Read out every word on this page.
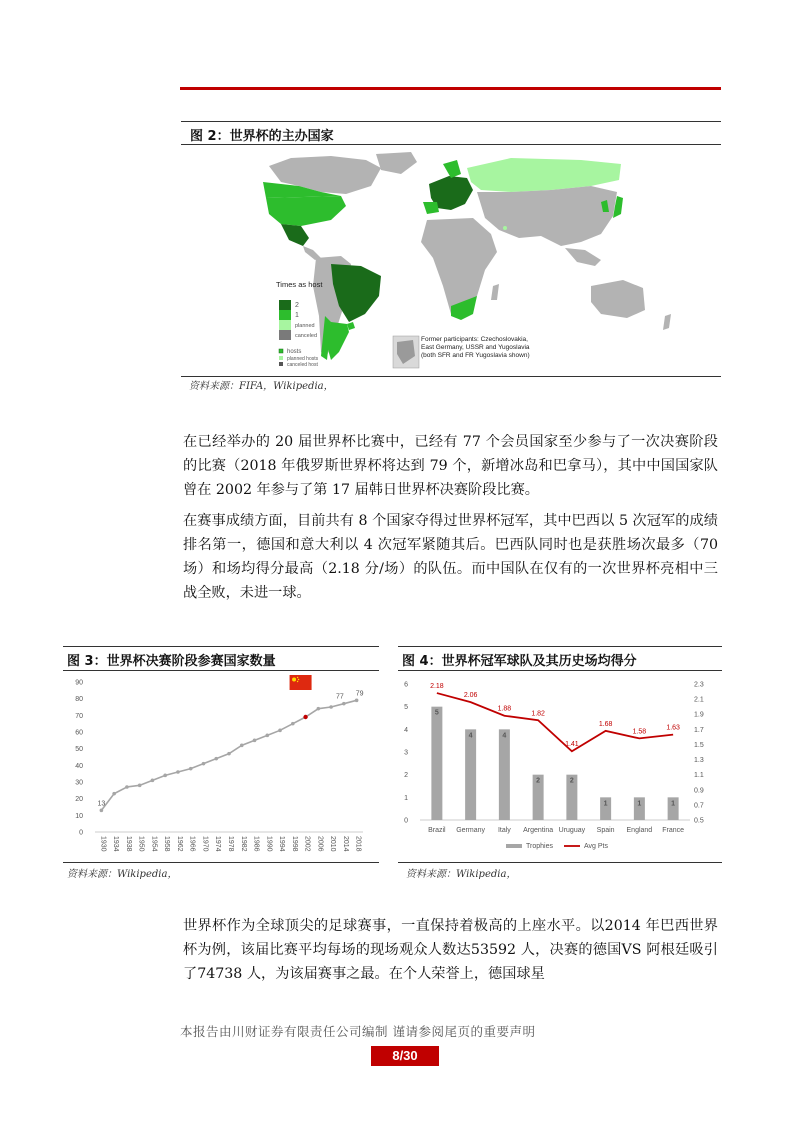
图 2：世界杯的主办国家
Times as host
2
1
planned
canceled
hosts
planned hosts
canceled host
Former participants: Czechoslovakia, East Germany, USSR and Yugoslavia (both SFR and FR Yugoslavia shown)
资料来源：FIFA，Wikipedia，

在已经举办的 20 届世界杯比赛中，已经有 77 个会员国家至少参与了一次决赛阶段的比赛（2018 年俄罗斯世界杯将达到 79 个，新增冰岛和巴拿马），其中中国国家队曾在 2002 年参与了第 17 届韩日世界杯决赛阶段比赛。

在赛事成绩方面，目前共有 8 个国家夺得过世界杯冠军，其中巴西以 5 次冠军的成绩排名第一，德国和意大利以 4 次冠军紧随其后。巴西队同时也是获胜场次最多（70 场）和场均得分最高（2.18 分/场）的队伍。而中国队在仅有的一次世界杯亮相中三战全败，未进一球。

图 3：世界杯决赛阶段参赛国家数量
0
10
20
30
40
50
60
70
80
90
1930 1934 1938 1950 1954 1958 1962 1966 1970 1974 1978 1982 1986 1990 1994 1998 2002 2006 2010 2014 2018
13
77 79
资料来源：Wikipedia，
图 4：世界杯冠军球队及其历史场均得分
0
1
2
3
4
5
6
0.5
0.7
0.9
1.1
1.3
1.5
1.7
1.9
2.1
2.3
5
4	4
2	2
1	1	1
Brazil Germany Italy Argentina Uruguay Spain England France
2.18
2.06
1.88
1.82
1.41
1.68
1.58
1.63
Trophies	Avg Pts
资料来源：Wikipedia，

世界杯作为全球顶尖的足球赛事，一直保持着极高的上座水平。以2014 年巴西世界杯为例，该届比赛平均每场的现场观众人数达53592 人，决赛的德国VS 阿根廷吸引了74738 人，为该届赛事之最。在个人荣誉上，德国球星

本报告由川财证券有限责任公司编制 谨请参阅尾页的重要声明
8/30
